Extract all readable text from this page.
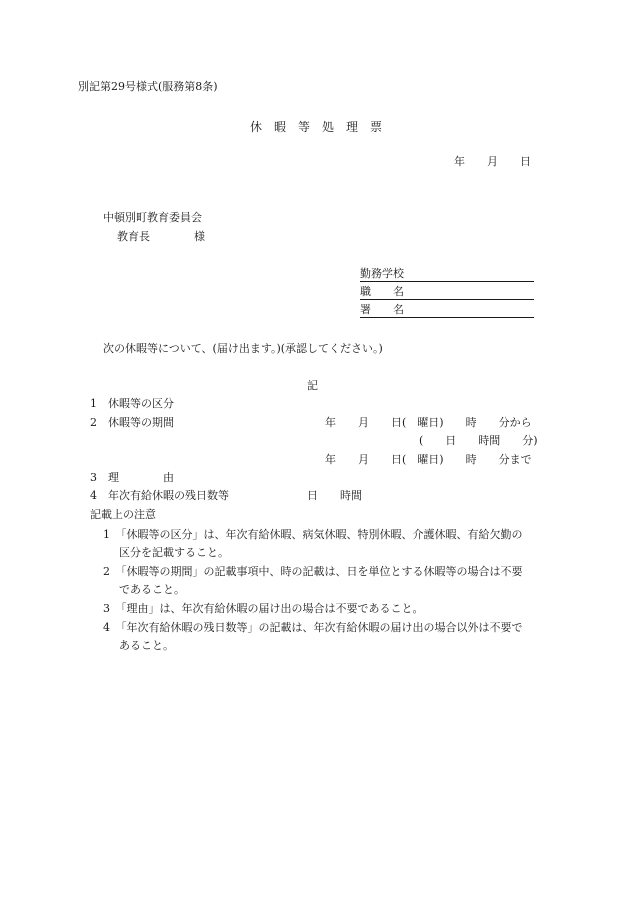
別記第29号様式(服務第8条)
休　暇　等　処　理　票
年　　月　　日
中頓別町教育委員会
教育長　　　　様
勤務学校
職　　名
署　　名
次の休暇等について、(届け出ます。)(承認してください。)
記
1　休暇等の区分
2　休暇等の期間	年　　月　　日(　曜日)　　時　　分から
(　　日　　時間　　分)
年　　月　　日(　曜日)　　時　　分まで
3　理　　　　由
4　年次有給休暇の残日数等	日　　時間
記載上の注意
1　「休暇等の区分」は、年次有給休暇、病気休暇、特別休暇、介護休暇、有給欠勤の
区分を記載すること。
2　「休暇等の期間」の記載事項中、時の記載は、日を単位とする休暇等の場合は不要
であること。
3　「理由」は、年次有給休暇の届け出の場合は不要であること。
4　「年次有給休暇の残日数等」の記載は、年次有給休暇の届け出の場合以外は不要で
あること。
